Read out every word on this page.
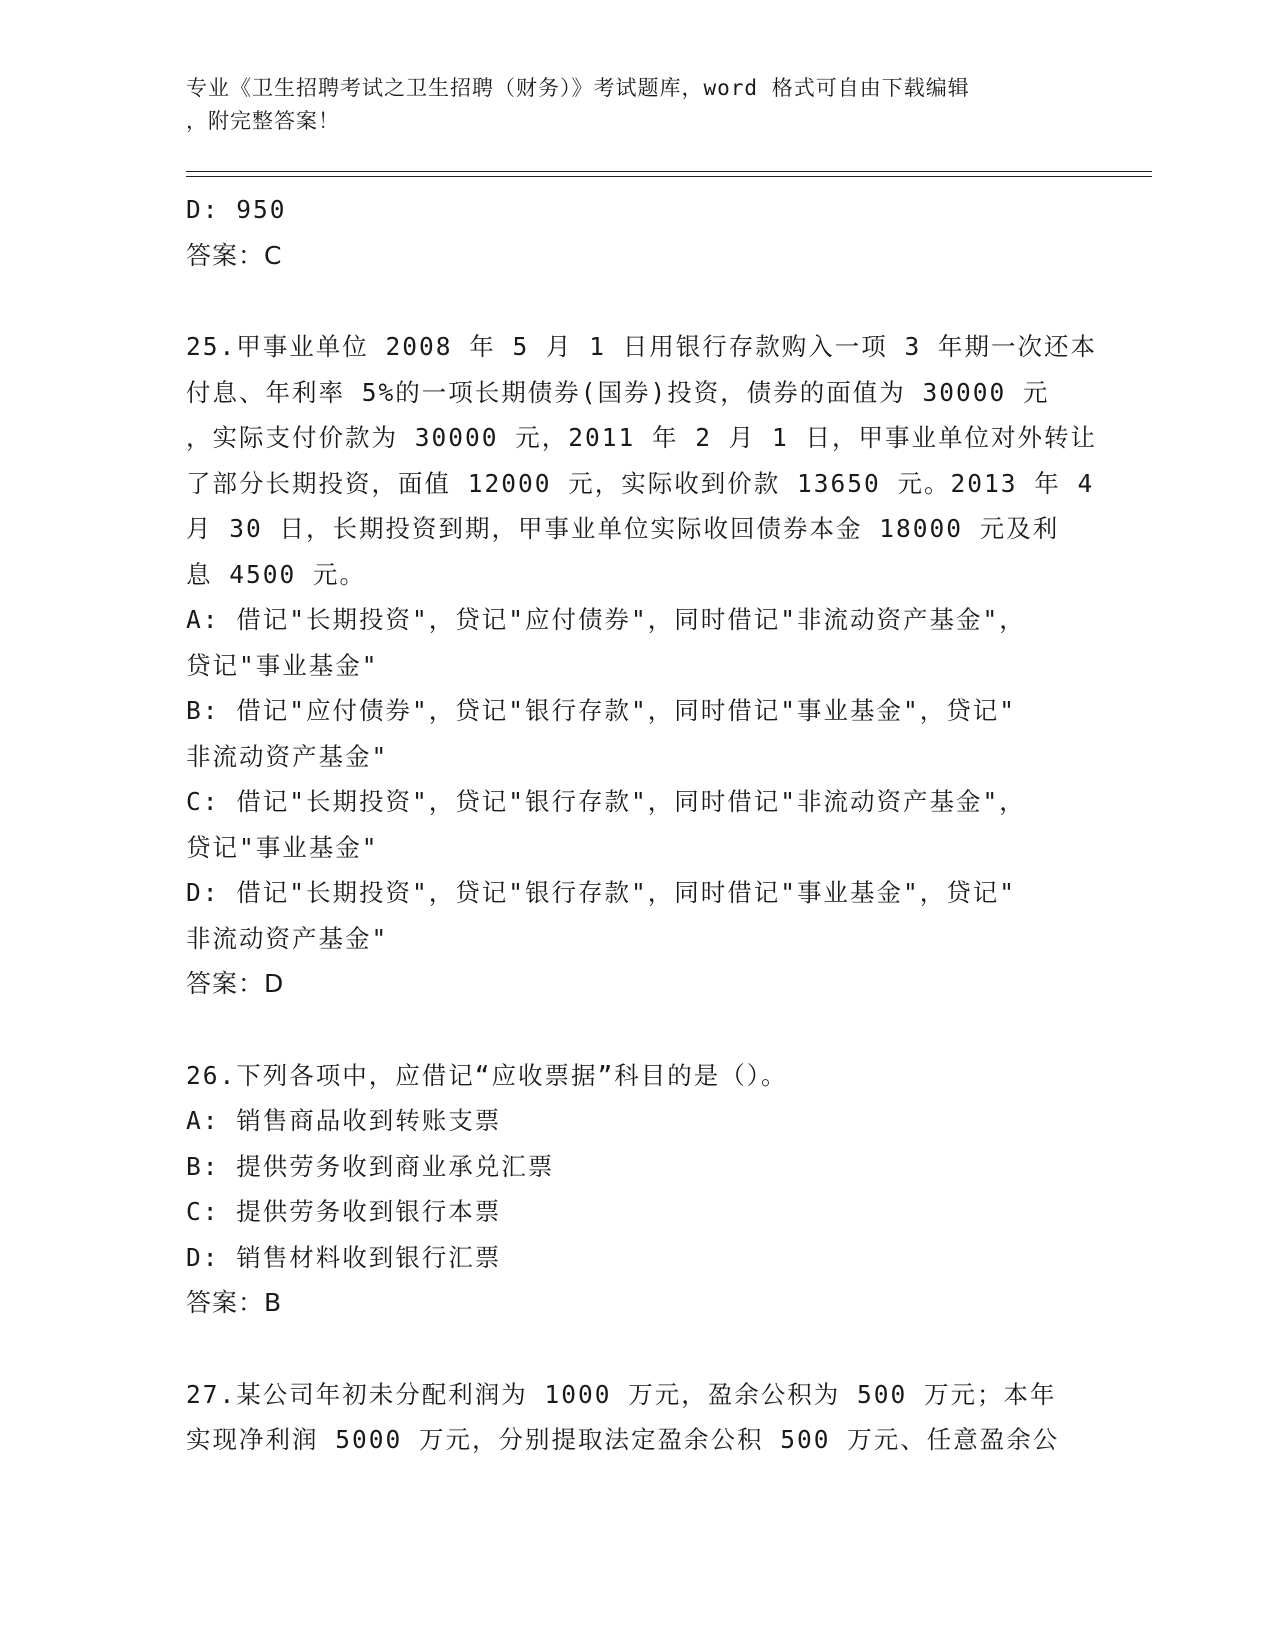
专业《卫生招聘考试之卫生招聘（财务）》考试题库，word 格式可自由下载编辑
，附完整答案！
D: 950
答案：C
25.甲事业单位 2008 年 5 月 1 日用银行存款购入一项 3 年期一次还本
付息、年利率 5%的一项长期债券(国券)投资，债券的面值为 30000 元
，实际支付价款为 30000 元，2011 年 2 月 1 日，甲事业单位对外转让
了部分长期投资，面值 12000 元，实际收到价款 13650 元。2013 年 4
月 30 日，长期投资到期，甲事业单位实际收回债券本金 18000 元及利
息 4500 元。
A: 借记"长期投资"，贷记"应付债券"，同时借记"非流动资产基金"，
贷记"事业基金"
B: 借记"应付债券"，贷记"银行存款"，同时借记"事业基金"，贷记"
非流动资产基金"
C: 借记"长期投资"，贷记"银行存款"，同时借记"非流动资产基金"，
贷记"事业基金"
D: 借记"长期投资"，贷记"银行存款"，同时借记"事业基金"，贷记"
非流动资产基金"
答案：D
26.下列各项中，应借记“应收票据”科目的是（）。
A: 销售商品收到转账支票
B: 提供劳务收到商业承兑汇票
C: 提供劳务收到银行本票
D: 销售材料收到银行汇票
答案：B
27.某公司年初未分配利润为 1000 万元，盈余公积为 500 万元；本年
实现净利润 5000 万元，分别提取法定盈余公积 500 万元、任意盈余公
